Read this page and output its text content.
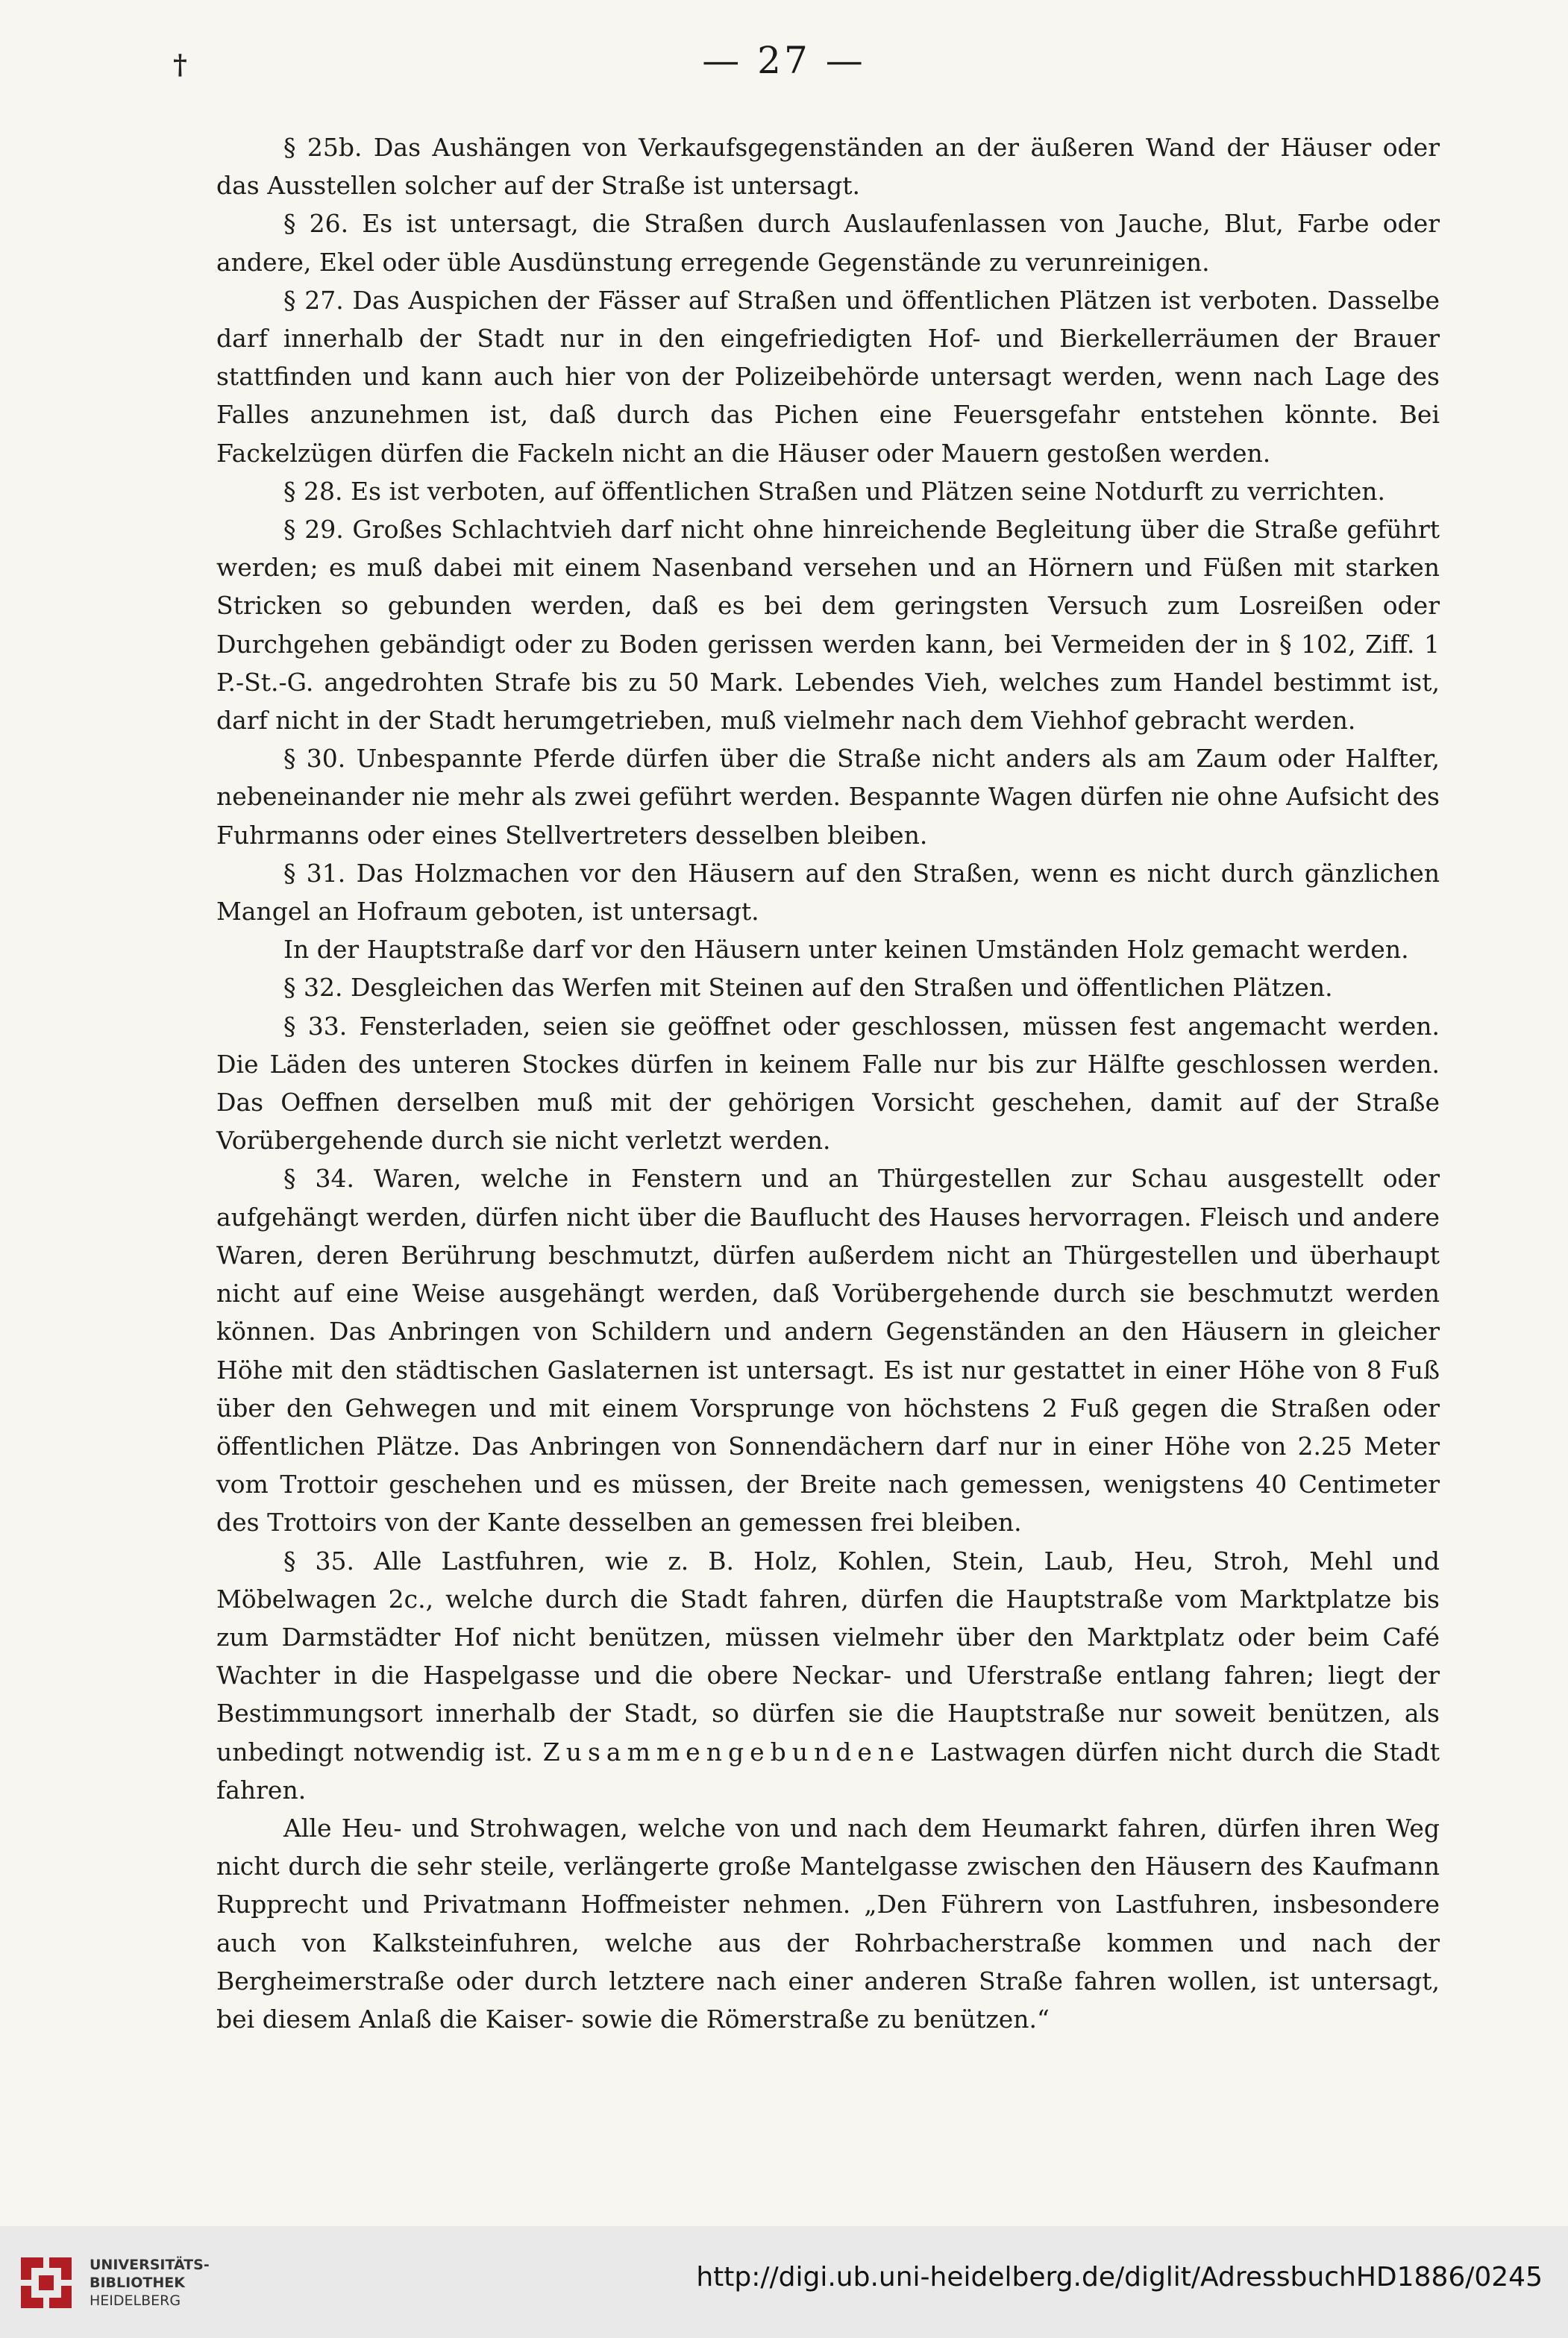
†	— 27 —

§ 25b. Das Aushängen von Verkaufsgegenständen an der äußeren Wand der Häuser oder das Ausstellen solcher auf der Straße ist untersagt.

§ 26. Es ist untersagt, die Straßen durch Auslaufenlassen von Jauche, Blut, Farbe oder andere, Ekel oder üble Ausdünstung erregende Gegenstände zu verunreinigen.

§ 27. Das Auspichen der Fässer auf Straßen und öffentlichen Plätzen ist verboten. Dasselbe darf innerhalb der Stadt nur in den eingefriedigten Hof- und Bierkellerräumen der Brauer stattfinden und kann auch hier von der Polizeibehörde untersagt werden, wenn nach Lage des Falles anzunehmen ist, daß durch das Pichen eine Feuersgefahr entstehen könnte. Bei Fackelzügen dürfen die Fackeln nicht an die Häuser oder Mauern gestoßen werden.

§ 28. Es ist verboten, auf öffentlichen Straßen und Plätzen seine Notdurft zu verrichten.

§ 29. Großes Schlachtvieh darf nicht ohne hinreichende Begleitung über die Straße geführt werden; es muß dabei mit einem Nasenband versehen und an Hörnern und Füßen mit starken Stricken so gebunden werden, daß es bei dem geringsten Versuch zum Losreißen oder Durchgehen gebändigt oder zu Boden gerissen werden kann, bei Vermeiden der in § 102, Ziff. 1 P.-St.-G. angedrohten Strafe bis zu 50 Mark. Lebendes Vieh, welches zum Handel bestimmt ist, darf nicht in der Stadt herumgetrieben, muß vielmehr nach dem Viehhof gebracht werden.

§ 30. Unbespannte Pferde dürfen über die Straße nicht anders als am Zaum oder Halfter, nebeneinander nie mehr als zwei geführt werden. Bespannte Wagen dürfen nie ohne Aufsicht des Fuhrmanns oder eines Stellvertreters desselben bleiben.

§ 31. Das Holzmachen vor den Häusern auf den Straßen, wenn es nicht durch gänzlichen Mangel an Hofraum geboten, ist untersagt.

In der Hauptstraße darf vor den Häusern unter keinen Umständen Holz gemacht werden.

§ 32. Desgleichen das Werfen mit Steinen auf den Straßen und öffentlichen Plätzen.

§ 33. Fensterladen, seien sie geöffnet oder geschlossen, müssen fest angemacht werden. Die Läden des unteren Stockes dürfen in keinem Falle nur bis zur Hälfte geschlossen werden. Das Oeffnen derselben muß mit der gehörigen Vorsicht geschehen, damit auf der Straße Vorübergehende durch sie nicht verletzt werden.

§ 34. Waren, welche in Fenstern und an Thürgestellen zur Schau ausgestellt oder aufgehängt werden, dürfen nicht über die Bauflucht des Hauses hervorragen. Fleisch und andere Waren, deren Berührung beschmutzt, dürfen außerdem nicht an Thürgestellen und überhaupt nicht auf eine Weise ausgehängt werden, daß Vorübergehende durch sie beschmutzt werden können. Das Anbringen von Schildern und andern Gegenständen an den Häusern in gleicher Höhe mit den städtischen Gaslaternen ist untersagt. Es ist nur gestattet in einer Höhe von 8 Fuß über den Gehwegen und mit einem Vorsprunge von höchstens 2 Fuß gegen die Straßen oder öffentlichen Plätze. Das Anbringen von Sonnendächern darf nur in einer Höhe von 2.25 Meter vom Trottoir geschehen und es müssen, der Breite nach gemessen, wenigstens 40 Centimeter des Trottoirs von der Kante desselben an gemessen frei bleiben.

§ 35. Alle Lastfuhren, wie z. B. Holz, Kohlen, Stein, Laub, Heu, Stroh, Mehl und Möbelwagen 2c., welche durch die Stadt fahren, dürfen die Hauptstraße vom Marktplatze bis zum Darmstädter Hof nicht benützen, müssen vielmehr über den Marktplatz oder beim Café Wachter in die Haspelgasse und die obere Neckar- und Uferstraße entlang fahren; liegt der Bestimmungsort innerhalb der Stadt, so dürfen sie die Hauptstraße nur soweit benützen, als unbedingt notwendig ist. Zusammengebundene Lastwagen dürfen nicht durch die Stadt fahren.

Alle Heu- und Strohwagen, welche von und nach dem Heumarkt fahren, dürfen ihren Weg nicht durch die sehr steile, verlängerte große Mantelgasse zwischen den Häusern des Kaufmann Rupprecht und Privatmann Hoffmeister nehmen. „Den Führern von Lastfuhren, insbesondere auch von Kalksteinfuhren, welche aus der Rohrbacherstraße kommen und nach der Bergheimerstraße oder durch letztere nach einer anderen Straße fahren wollen, ist untersagt, bei diesem Anlaß die Kaiser- sowie die Römerstraße zu benützen.“

UNIVERSITÄTS-
BIBLIOTHEK
HEIDELBERG
http://digi.ub.uni-heidelberg.de/diglit/AdressbuchHD1886/0245
